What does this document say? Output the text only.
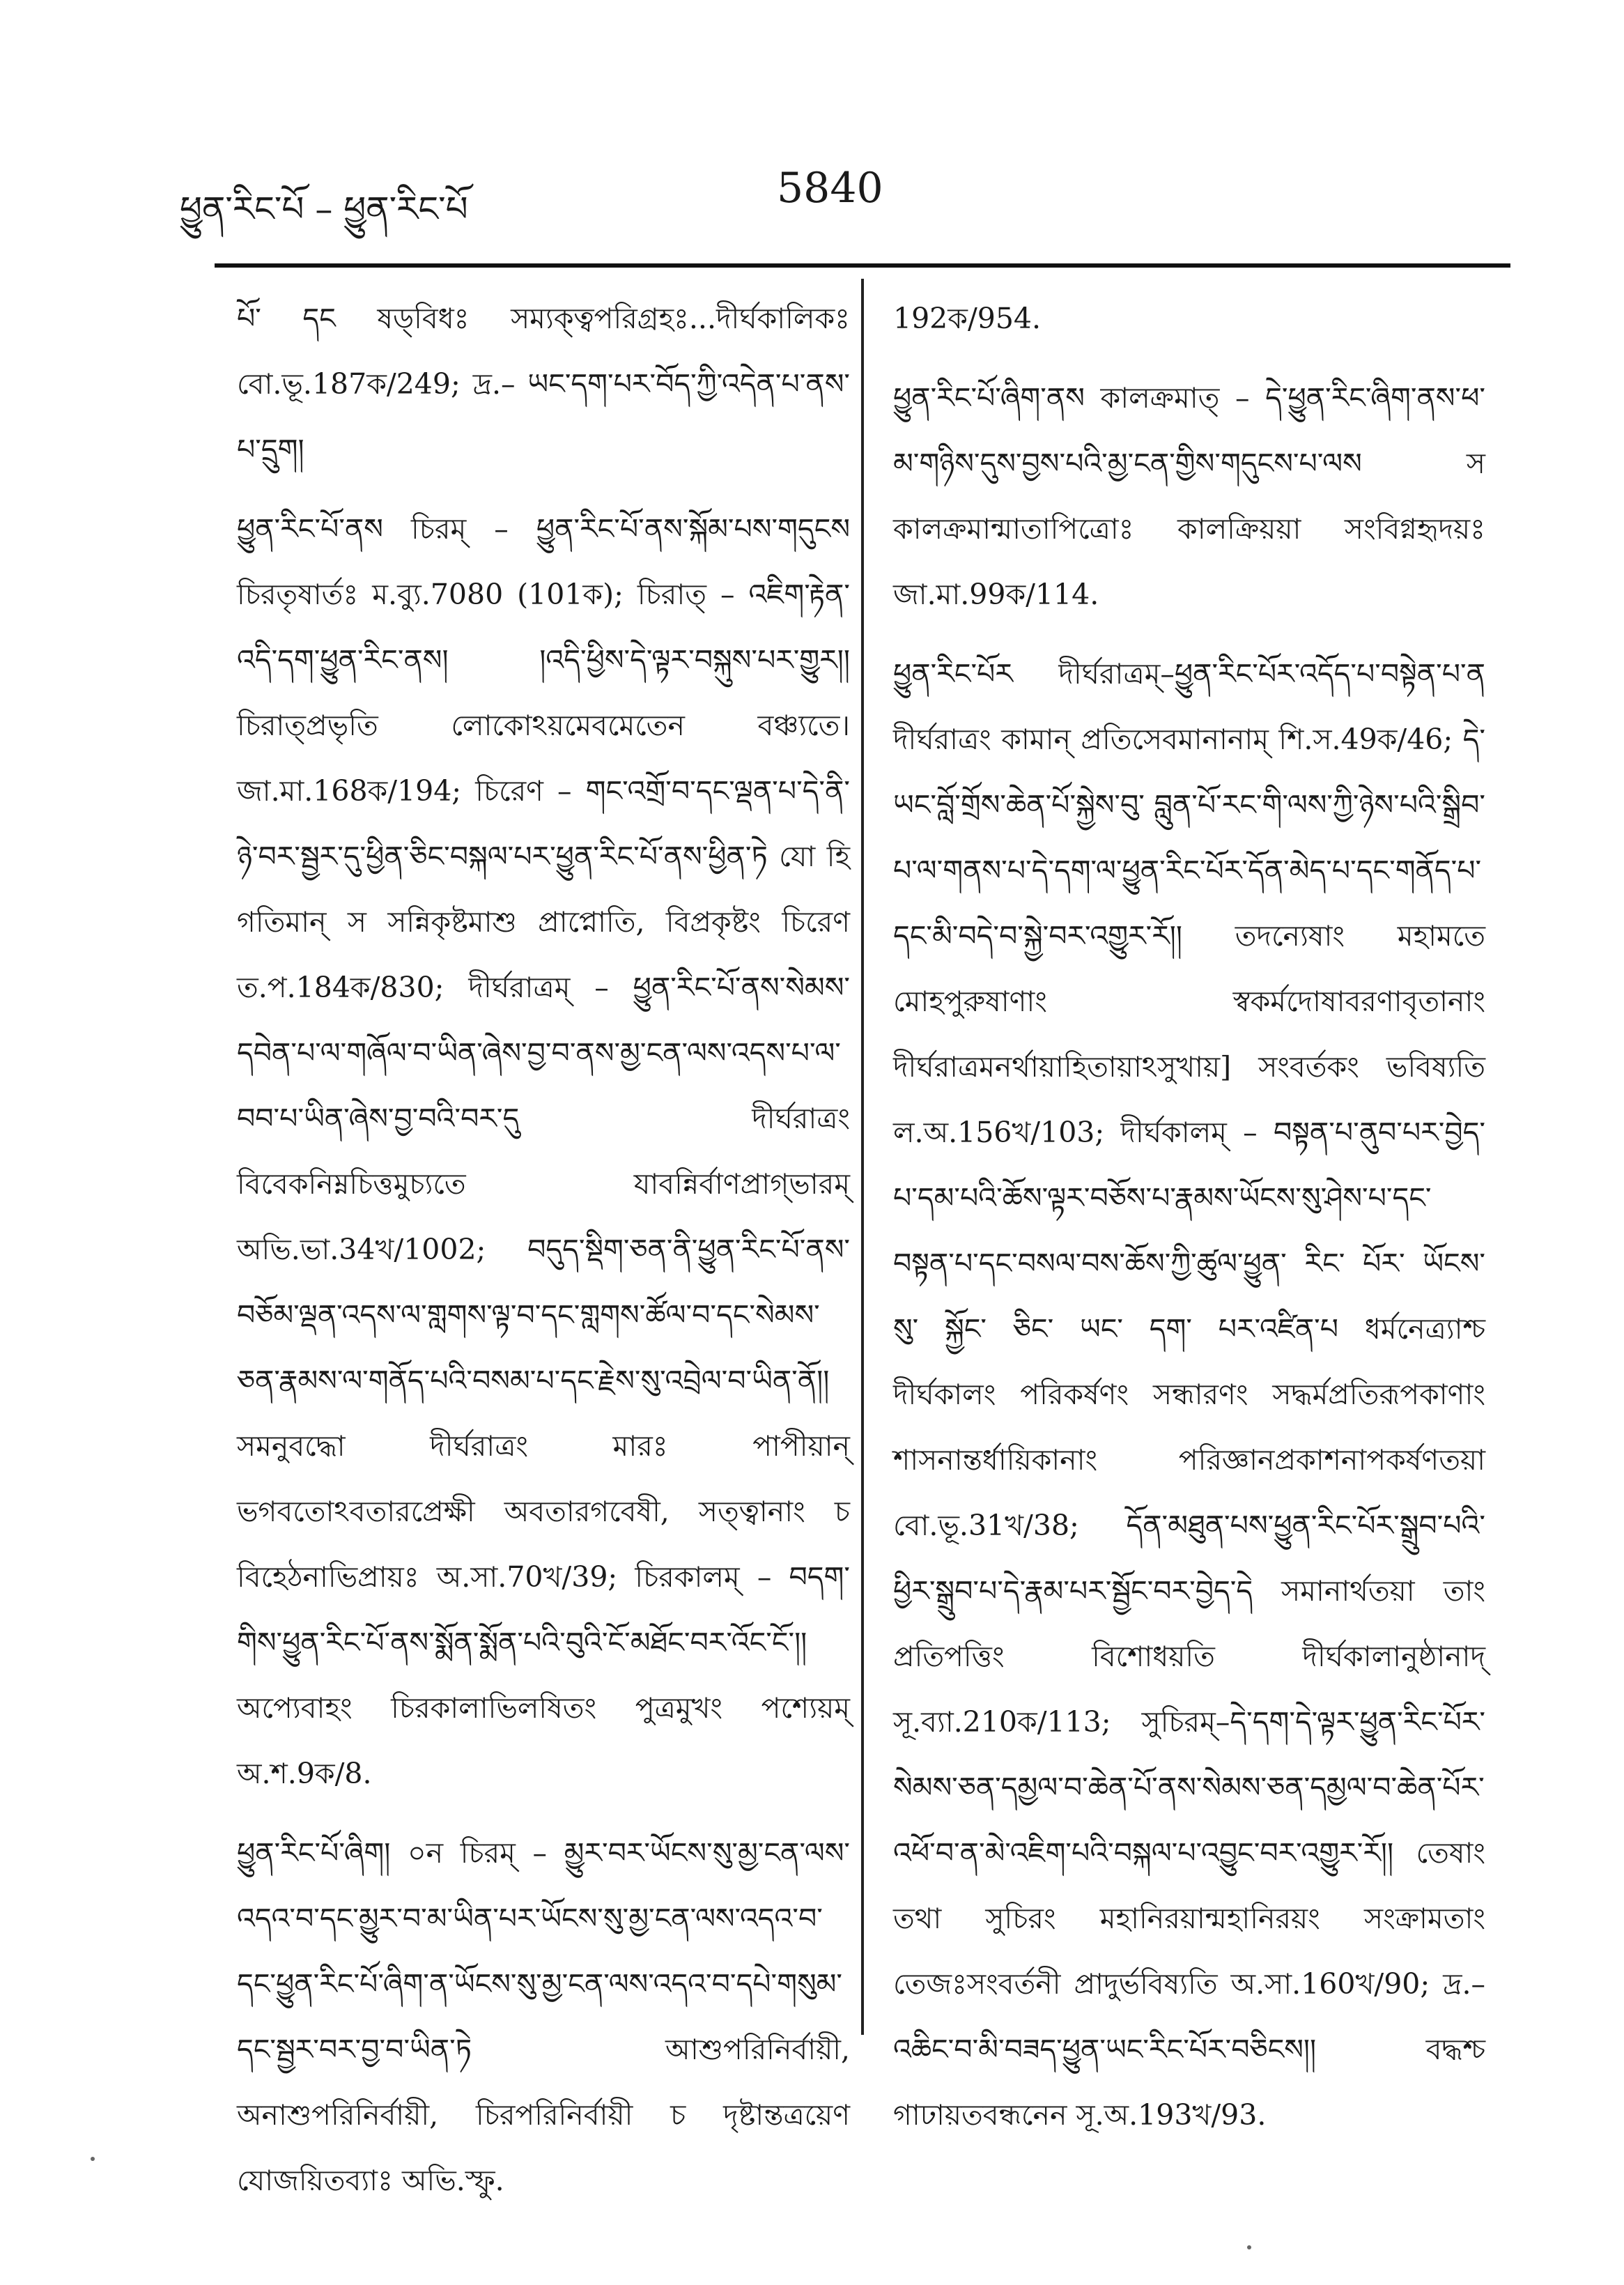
ཕྱུན་རིང་པོ – ཕྱུན་རིང་པོ	5840

པོ་ དང ষড্‌বিধঃ সম্যক্ত্বপরিগ্রহঃ...দীর্ঘকালিকঃ বো.ভূ.187ক/249; দ্র.– ཡང་དག་པར་བོད་ཀྱི་འདེན་པ་ནས་པ་དྲུག།

ཕྱུན་རིང་པོ་ནས চিরম্ – ཕྱུན་རིང་པོ་ནས་སྐོམ་པས་གདུངས চিরতৃষার্তঃ ম.ব্যু.7080 (101ক); চিরাত্ – འཇིག་རྟེན་འདི་དག་ཕྱུན་རིང་ནས། །འདི་ཕྱིས་དེ་ལྟར་བསྐུས་པར་གྱུར།། চিরাত্প্রভৃতি লোকোঽয়মেবমেতেন বঞ্চ্যতে। জা.মা.168ক/194; চিরেণ – གང་འགྲོ་བ་དང་ལྡན་པ་དེ་ནི་ཉེ་བར་སྦྱར་དུ་ཕྱིན་ཅིང་བསྐལ་པར་ཕྱུན་རིང་པོ་ནས་ཕྱིན་ཏེ যো হি গতিমান্‌ স সন্নিকৃষ্টমাশু প্রাপ্নোতি, বিপ্রকৃষ্টং চিরেণ ত.প.184ক/830; দীর্ঘরাত্রম্ – ཕྱུན་རིང་པོ་ནས་སེམས་དབེན་པ་ལ་གཞོལ་བ་ཡིན་ཞེས་བྱ་བ་ནས་མྱ་ངན་ལས་འདས་པ་ལ་བབ་པ་ཡིན་ཞེས་བྱ་བའི་བར་དུ দীর্ঘরাত্রং বিবেকনিম্নচিত্তমুচ্যতে যাবন্নির্বাণপ্রাগ্ভারম্‌ অভি.ভা.34খ/1002; བདུད་སྡིག་ཅན་ནི་ཕྱུན་རིང་པོ་ནས་བཅོམ་ལྡན་འདས་ལ་གླགས་ལྟ་བ་དང་གླགས་ཚོལ་བ་དང་སེམས་ཅན་རྣམས་ལ་གནོད་པའི་བསམ་པ་དང་རྗེས་སུ་འབྲེལ་བ་ཡིན་ནོ།། সমনুবদ্ধো দীর্ঘরাত্রং মারঃ পাপীয়ান্‌ ভগবতোঽবতারপ্রেক্ষী অবতারগবেষী, সত্ত্বানাং চ বিহেঠনাভিপ্রায়ঃ অ.সা.70খ/39; চিরকালম্ – བདག་གིས་ཕྱུན་རིང་པོ་ནས་སྨོན་སྨོན་པའི་བུའི་ངོ་མཐོང་བར་འོང་ངོ་།། অপ্যেবাহং চিরকালাভিলষিতং পুত্রমুখং পশ্যেয়ম্‌ অ.শ.9ক/8.

ཕྱུན་རིང་པོ་ཞིག། ০ন চিরম্ – མྱུར་བར་ཡོངས་སུ་མྱ་ངན་ལས་འདའ་བ་དང་མྱུར་བ་མ་ཡིན་པར་ཡོངས་སུ་མྱ་ངན་ལས་འདའ་བ་དང་ཕྱུན་རིང་པོ་ཞིག་ན་ཡོངས་སུ་མྱ་ངན་ལས་འདའ་བ་དཔེ་གསུམ་དང་སྦྱར་བར་བྱ་བ་ཡིན་ཏེ আশুপরিনির্বায়ী, অনাশুপরিনির্বায়ী, চিরপরিনির্বায়ী চ দৃষ্টান্তত্রয়েণ যোজয়িতব্যাঃ অভি.স্ফু.

192ক/954.

ཕྱུན་རིང་པོ་ཞིག་ནས কালক্রমাত্ – དེ་ཕྱུན་རིང་ཞིག་ནས་ཕ་མ་གཉིས་དུས་བྱས་པའི་མྱ་ངན་གྱིས་གདུངས་པ་ལས স কালক্রমান্মাতাপিত্রোঃ কালক্রিয়য়া সংবিগ্নহৃদয়ঃ জা.মা.99ক/114.

ཕྱུན་རིང་པོར দীর্ঘরাত্রম্–ཕྱུན་རིང་པོར་འདོད་པ་བསྟེན་པ་ན দীর্ঘরাত্রং কামান্‌ প্রতিসেবমানানাম্‌ শি.স.49ক/46; དེ་ཡང་བློ་གྲོས་ཆེན་པོ་སྐྱེས་བུ་ བླུན་པོ་རང་གི་ལས་ཀྱི་ཉེས་པའི་སྒྲིབ་པ་ལ་གནས་པ་དེ་དག་ལ་ཕྱུན་རིང་པོར་དོན་མེད་པ་དང་གནོད་པ་དང་མི་བདེ་བ་སྐྱེ་བར་འགྱུར་རོ།། তদন্যেষাং মহামতে মোহপুরুষাণাং স্বকর্মদোষাবরণাবৃতানাং দীর্ঘরাত্রমনর্থায়াহিতায়াঽসুখায়] সংবর্তকং ভবিষ্যতি ল.অ.156খ/103; দীর্ঘকালম্ – བསྟན་པ་ནུབ་པར་བྱེད་པ་དམ་པའི་ཆོས་ལྟར་བཅོས་པ་རྣམས་ཡོངས་སུ་ཤེས་པ་དང་བསྟན་པ་དང་བསལ་བས་ཆོས་ཀྱི་ཚུལ་ཕྱུན་ རིང་ པོར་ ཡོངས་ སུ་ སྐྱོང་ ཅིང་ ཡང་ དག་ པར་འཛིན་པ ধর্মনেত্র্যাশ্চ দীর্ঘকালং পরিকর্ষণং সন্ধারণং সদ্ধর্মপ্রতিরূপকাণাং শাসনান্তর্ধায়িকানাং পরিজ্ঞানপ্রকাশনাপকর্ষণতয়া বো.ভূ.31খ/38; དོན་མཐུན་པས་ཕྱུན་རིང་པོར་སྒྲུབ་པའི་ཕྱིར་སྒྲུབ་པ་དེ་རྣམ་པར་སྦྱོང་བར་བྱེད་དེ সমানার্থতয়া তাং প্রতিপত্তিং বিশোধয়তি দীর্ঘকালানুষ্ঠানাদ্‌ সূ.ব্যা.210ক/113; সুচিরম্–དེ་དག་དེ་ལྟར་ཕྱུན་རིང་པོར་སེམས་ཅན་དམྱལ་བ་ཆེན་པོ་ནས་སེམས་ཅན་དམྱལ་བ་ཆེན་པོར་འཕོ་བ་ན་མེ་འཇིག་པའི་བསྐལ་པ་འབྱུང་བར་འགྱུར་རོ།། তেষাং তথা সুচিরং মহানিরয়ান্মহানিরয়ং সংক্রামতাং তেজঃসংবর্তনী প্রাদুর্ভবিষ্যতি অ.সা.160খ/90; দ্র.– འཆིང་བ་མི་བཟད་ཕྱུན་ཡང་རིང་པོར་བཅིངས།། বদ্ধশ্চ গাঢায়তবন্ধনেন সূ.অ.193খ/93.
